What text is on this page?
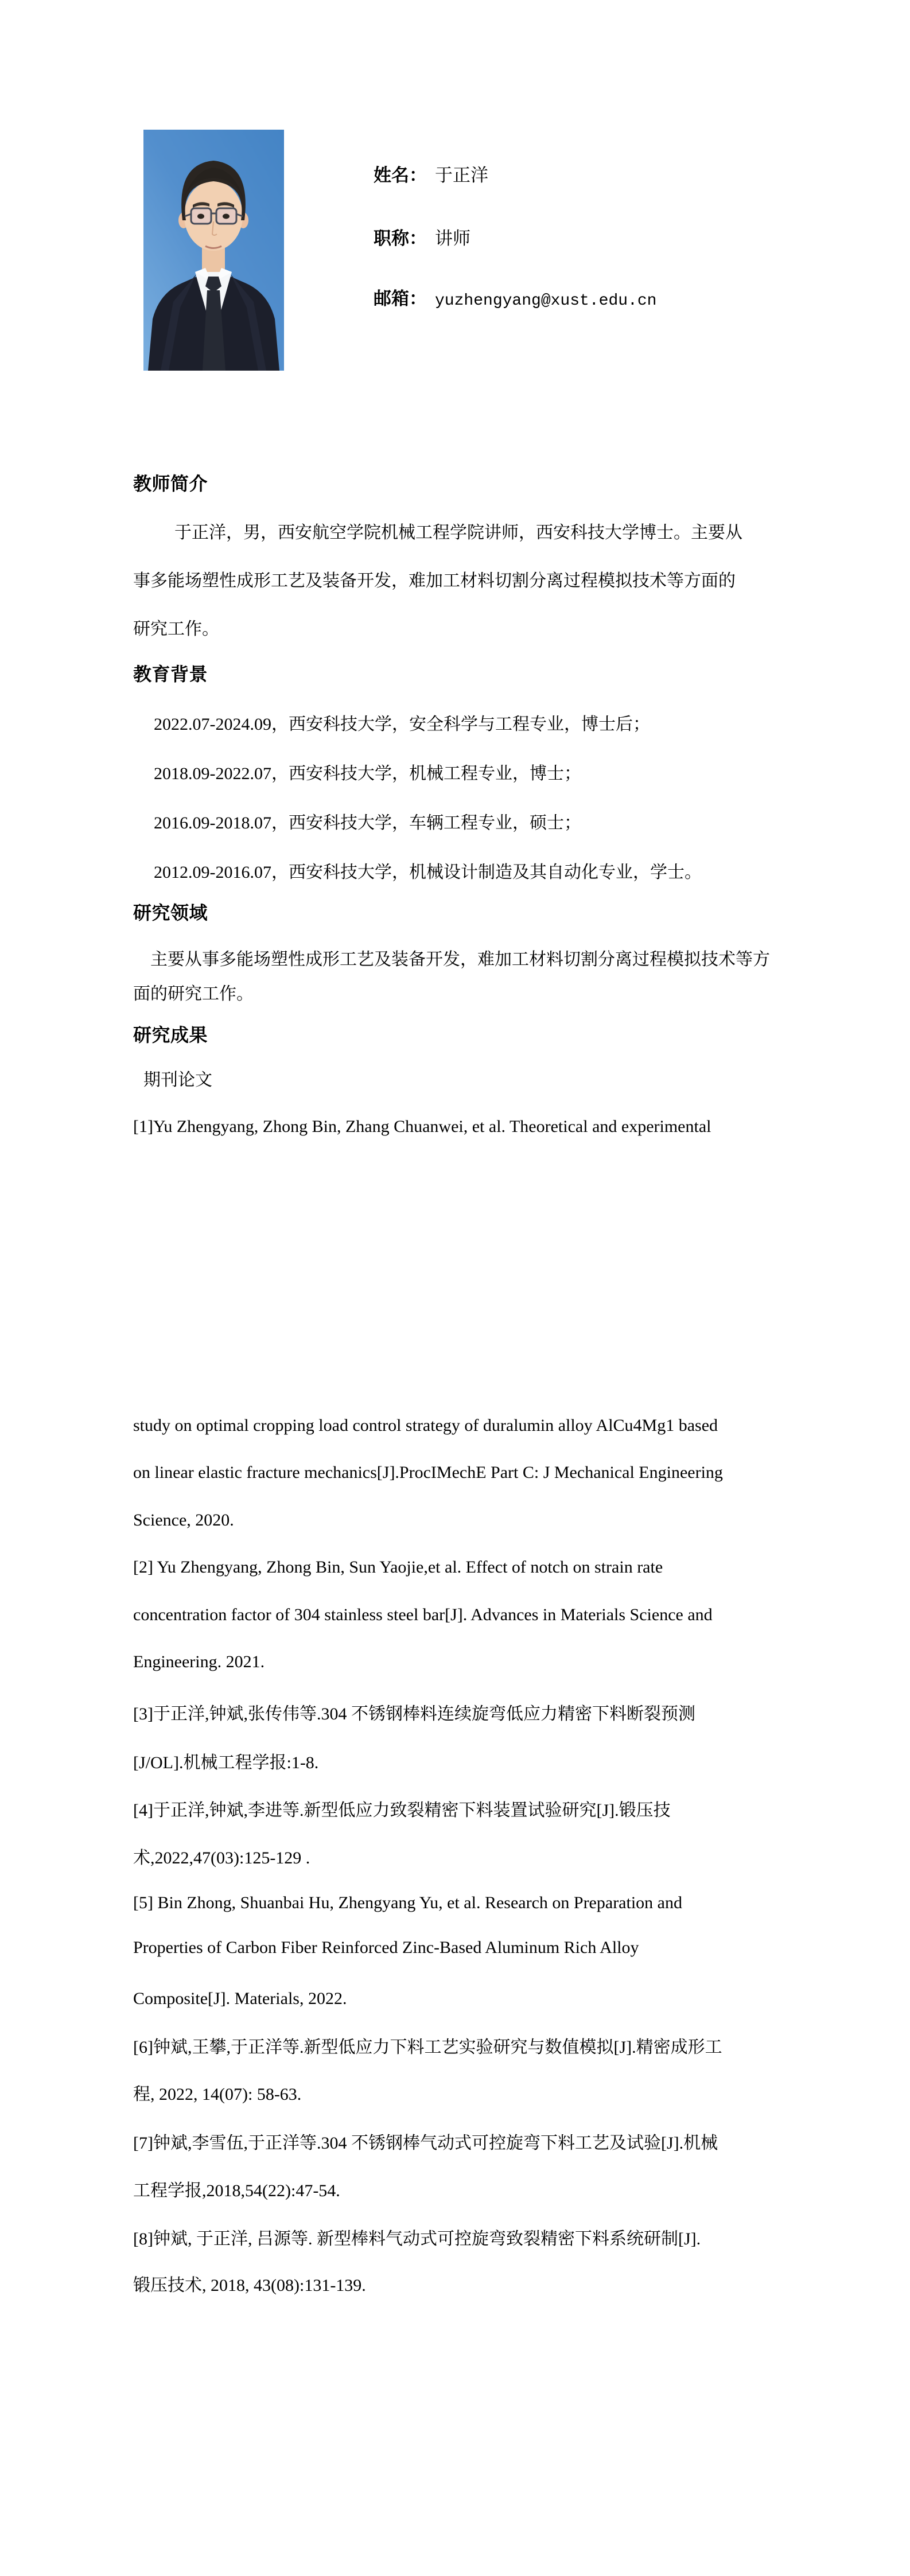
姓名： 于正洋

职称： 讲师

邮箱： yuzhengyang@xust.edu.cn

教师简介
于正洋，男，西安航空学院机械工程学院讲师，西安科技大学博士。主要从
事多能场塑性成形工艺及装备开发，难加工材料切割分离过程模拟技术等方面的
研究工作。
教育背景
2022.07-2024.09，西安科技大学，安全科学与工程专业，博士后；
2018.09-2022.07，西安科技大学，机械工程专业，博士；
2016.09-2018.07，西安科技大学，车辆工程专业，硕士；
2012.09-2016.07，西安科技大学，机械设计制造及其自动化专业，学士。
研究领域
主要从事多能场塑性成形工艺及装备开发，难加工材料切割分离过程模拟技术等方
面的研究工作。
研究成果
期刊论文
[1]Yu Zhengyang, Zhong Bin, Zhang Chuanwei, et al. Theoretical and experimental
study on optimal cropping load control strategy of duralumin alloy AlCu4Mg1 based
on linear elastic fracture mechanics[J].ProcIMechE Part C: J Mechanical Engineering
Science, 2020.
[2] Yu Zhengyang, Zhong Bin, Sun Yaojie,et al. Effect of notch on strain rate
concentration factor of 304 stainless steel bar[J]. Advances in Materials Science and
Engineering. 2021.
[3]于正洋,钟斌,张传伟等.304 不锈钢棒料连续旋弯低应力精密下料断裂预测
[J/OL].机械工程学报:1-8.
[4]于正洋,钟斌,李进等.新型低应力致裂精密下料装置试验研究[J].锻压技
术,2022,47(03):125-129 .
[5] Bin Zhong, Shuanbai Hu, Zhengyang Yu, et al. Research on Preparation and
Properties of Carbon Fiber Reinforced Zinc-Based Aluminum Rich Alloy
Composite[J]. Materials, 2022.
[6]钟斌,王攀,于正洋等.新型低应力下料工艺实验研究与数值模拟[J].精密成形工
程, 2022, 14(07): 58-63.
[7]钟斌,李雪伍,于正洋等.304 不锈钢棒气动式可控旋弯下料工艺及试验[J].机械
工程学报,2018,54(22):47-54.
[8]钟斌, 于正洋, 吕源等. 新型棒料气动式可控旋弯致裂精密下料系统研制[J].
锻压技术, 2018, 43(08):131-139.
